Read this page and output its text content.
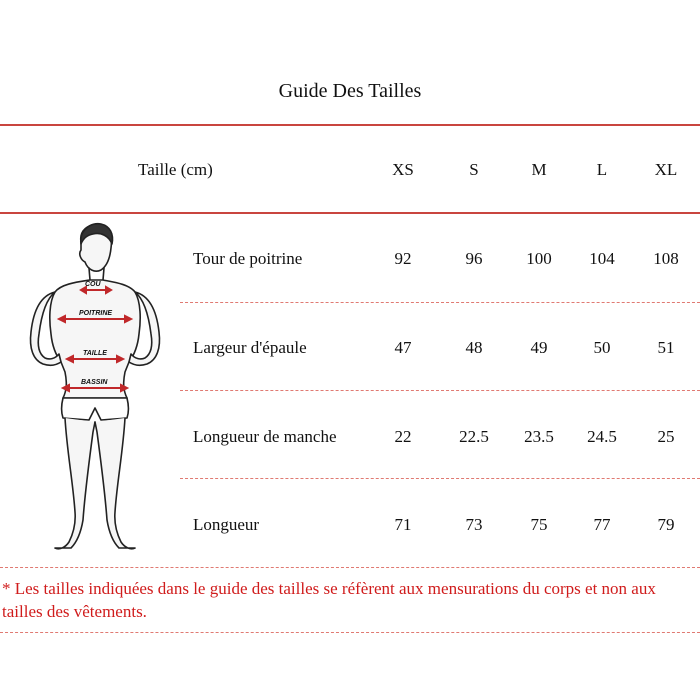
Guide Des Tailles
Taille (cm)	XS	S	M	L	XL
Tour de poitrine	92	96	100	104	108
Largeur d'épaule	47	48	49	50	51
Longueur de manche	22	22.5	23.5	24.5	25
Longueur	71	73	75	77	79
COU
POITRINE
TAILLE
BASSIN
* Les tailles indiquées dans le guide des tailles se réfèrent aux mensurations du corps et non aux tailles des vêtements.
